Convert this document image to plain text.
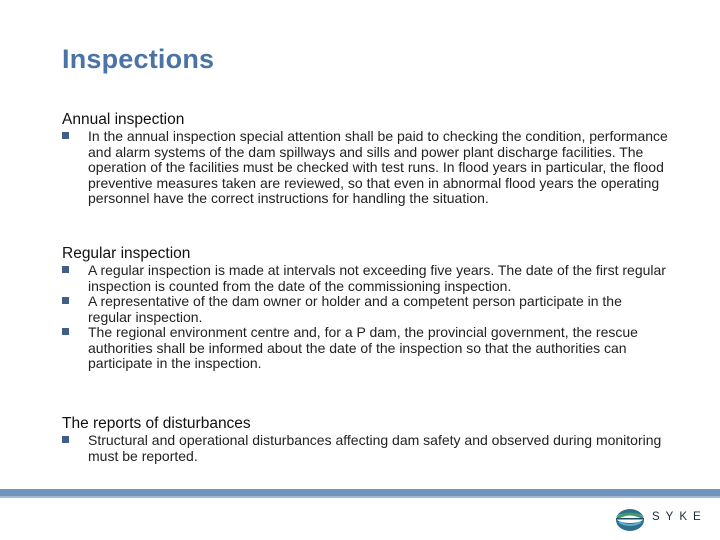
Inspections
Annual inspection
In the annual inspection special attention shall be paid to checking the condition, performance and alarm systems of the dam spillways and sills and power plant discharge facilities. The operation of the facilities must be checked with test runs. In flood years in particular, the flood preventive measures taken are reviewed, so that even in abnormal flood years the operating personnel have the correct instructions for handling the situation.
Regular inspection
A regular inspection is made at intervals not exceeding five years. The date of the first regular inspection is counted from the date of the commissioning inspection.
A representative of the dam owner or holder and a competent person participate in the regular inspection.
The regional environment centre and, for a P dam, the provincial government, the rescue authorities shall be informed about the date of the inspection so that the authorities can participate in the inspection.
The reports of disturbances
Structural and operational disturbances affecting dam safety and observed during monitoring must be reported.
SYKE
